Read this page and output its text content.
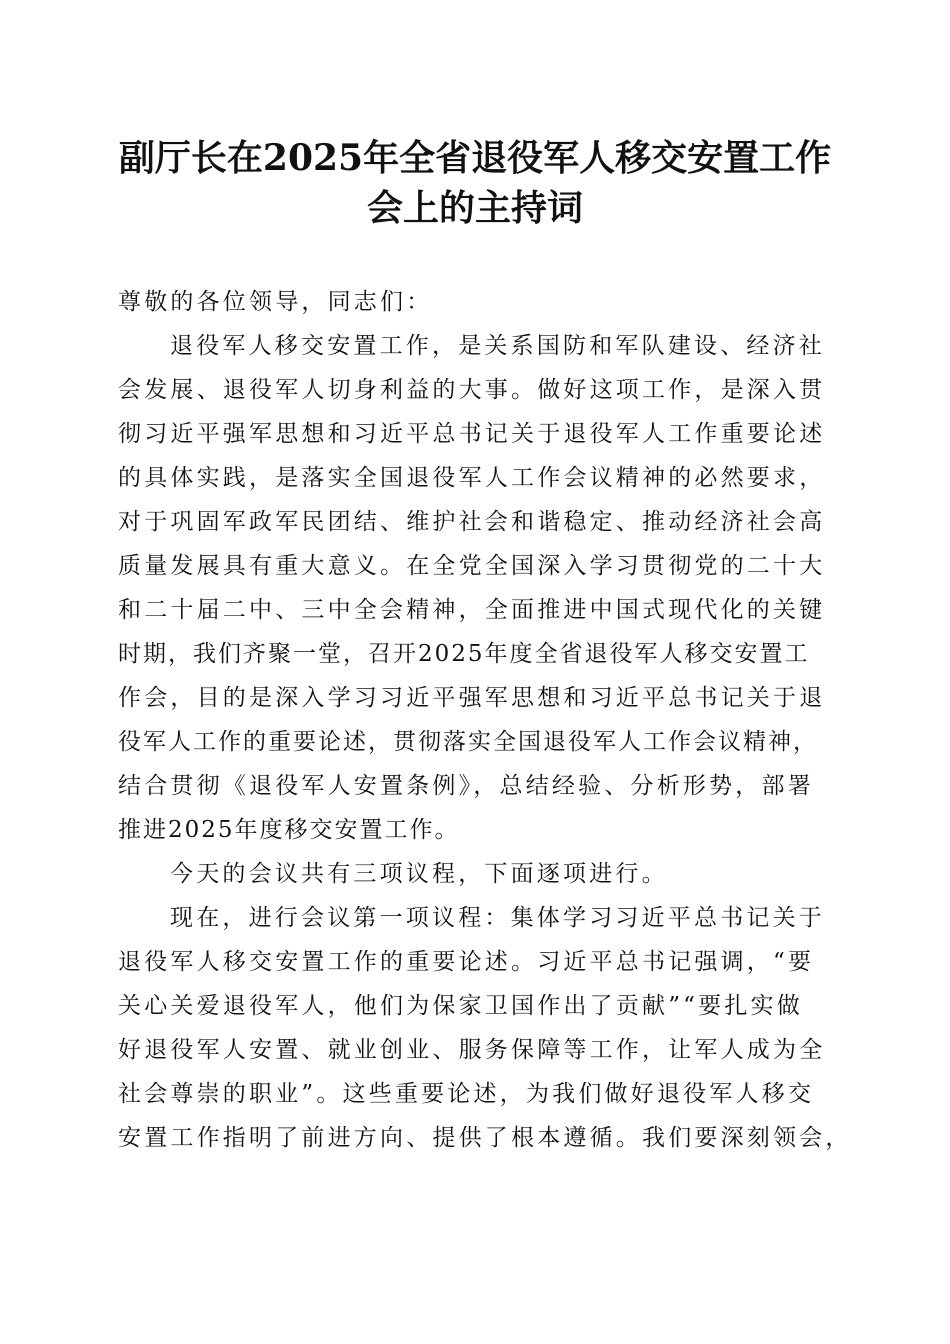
副厅长在2025年全省退役军人移交安置工作
会上的主持词
尊敬的各位领导，同志们：
退役军人移交安置工作，是关系国防和军队建设、经济社
会发展、退役军人切身利益的大事。做好这项工作，是深入贯
彻习近平强军思想和习近平总书记关于退役军人工作重要论述
的具体实践，是落实全国退役军人工作会议精神的必然要求，
对于巩固军政军民团结、维护社会和谐稳定、推动经济社会高
质量发展具有重大意义。在全党全国深入学习贯彻党的二十大
和二十届二中、三中全会精神，全面推进中国式现代化的关键
时期，我们齐聚一堂，召开2025年度全省退役军人移交安置工
作会，目的是深入学习习近平强军思想和习近平总书记关于退
役军人工作的重要论述，贯彻落实全国退役军人工作会议精神，
结合贯彻《退役军人安置条例》，总结经验、分析形势，部署
推进2025年度移交安置工作。
今天的会议共有三项议程，下面逐项进行。
现在，进行会议第一项议程：集体学习习近平总书记关于
退役军人移交安置工作的重要论述。习近平总书记强调，“要
关心关爱退役军人，他们为保家卫国作出了贡献”“要扎实做
好退役军人安置、就业创业、服务保障等工作，让军人成为全
社会尊崇的职业”。这些重要论述，为我们做好退役军人移交
安置工作指明了前进方向、提供了根本遵循。我们要深刻领会，
